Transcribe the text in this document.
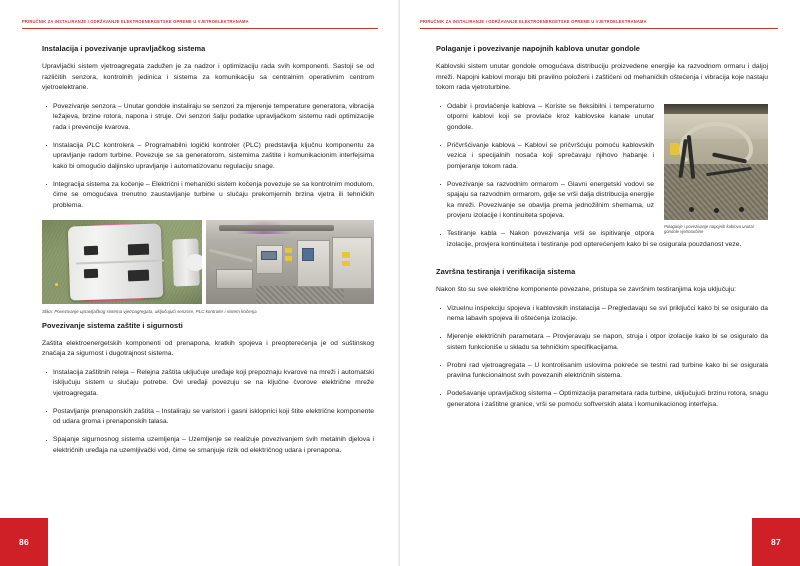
PRIRUČNIK ZA INSTALIRANJE I ODRŽAVANJE ELEKTROENERGETSKE OPREME U VJETROELEKTRANAMA
Instalacija i povezivanje upravljačkog sistema

Upravljački sistem vjetroagregata zadužen je za nadzor i optimizaciju rada svih komponenti. Sastoji se od različitih senzora, kontrolnih jedinica i sistema za komunikaciju sa centralnim operativnim centrom vjetroelektrane.

· Povezivanje senzora – Unutar gondole instaliraju se senzori za mjerenje temperature generatora, vibracija ležajeva, brzine rotora, napona i struje. Ovi senzori šalju podatke upravljačkom sistemu radi optimizacije rada i prevencije kvarova.
· Instalacija PLC kontrolera – Programabilni logički kontroler (PLC) predstavlja ključnu komponentu za upravljanje radom turbine. Povezuje se sa generatorom, sistemima zaštite i komunikacionim interfejsima kako bi omogućio daljinsko upravljanje i automatizovanu regulaciju snage.
· Integracija sistema za kočenje – Električni i mehanički sistem kočenja povezuje se sa kontrolnim modulom, čime se omogućava trenutno zaustavljanje turbine u slučaju prekomjernih brzina vjetra ili tehničkih problema.
Slika: Povezivanje upravljačkog sistema vjetroagregata, uključujući senzore, PLC kontroler i sistem kočenja
Povezivanje sistema zaštite i sigurnosti

Zaštita elektroenergetskih komponenti od prenapona, kratkih spojeva i preopterećenja je od suštinskog značaja za sigurnost i dugotrajnost sistema.

· Instalacija zaštitnih releja – Relejna zaštita uključuje uređaje koji prepoznaju kvarove na mreži i automatski isključuju sistem u slučaju potrebe. Ovi uređaji povezuju se na ključne čvorove električne mreže vjetroagregata.
· Postavljanje prenaponskih zaštita – Instaliraju se varistori i gasni isklopnici koji štite električne komponente od udara groma i prenaponskih talasa.
· Spajanje sigurnosnog sistema uzemljenja – Uzemljenje se realizuje povezivanjem svih metalnih djelova i električnih uređaja na uzemljivački vod, čime se smanjuje rizik od električnog udara i prenapona.
86
PRIRUČNIK ZA INSTALIRANJE I ODRŽAVANJE ELEKTROENERGETSKE OPREME U VJETROELEKTRANAMA
Polaganje i povezivanje napojnih kablova unutar gondole

Kablovski sistem unutar gondole omogućava distribuciju proizvedene energije ka razvodnom ormaru i daljoj mreži. Napojni kablovi moraju biti pravilno položeni i zaštićeni od mehaničkih oštećenja i vibracija koje nastaju tokom rada vjetroturbine.

Polaganje i povezivanje napojnih kablova unutar gondole vjetroturbine
· Odabir i provlačenje kablova – Koriste se fleksibilni i temperaturno otporni kablovi koji se provlače kroz kablovske kanale unutar gondole.
· Pričvršćivanje kablova – Kablovi se pričvršćuju pomoću kablovskih vezica i specijalnih nosača koji sprečavaju njihovo habanje i pomjeranje tokom rada.
· Povezivanje sa razvodnim ormarom – Glavni energetski vodovi se spajaju sa razvodnim ormarom, gdje se vrši dalja distribucija energije ka mreži. Povezivanje se obavlja prema jednožilnim shemama, uz provjeru izolacije i kontinuiteta spojeva.
· Testiranje kabla – Nakon povezivanja vrši se ispitivanje otpora izolacije, provjera kontinuiteta i testiranje pod opterećenjem kako bi se osigurala pouzdanost veze.
Završna testiranja i verifikacija sistema

Nakon što su sve električne komponente povezane, pristupa se završnim testiranjima koja uključuju:

· Vizuelnu inspekciju spojeva i kablovskih instalacija – Pregledavaju se svi priključci kako bi se osiguralo da nema labavih spojeva ili oštećenja izolacije.
· Mjerenje električnih parametara – Provjeravaju se napon, struja i otpor izolacije kako bi se osiguralo da sistem funkcioniše u skladu sa tehničkim specifikacijama.
· Probni rad vjetroagregata – U kontrolisanim uslovima pokreće se testni rad turbine kako bi se osigurala pravilna funkcionalnost svih povezanih električnih sistema.
· Podešavanje upravljačkog sistema – Optimizacija parametara rada turbine, uključujući brzinu rotora, snagu generatora i zaštitne granice, vrši se pomoću softverskih alata i komunikacionog interfejsa.
87
